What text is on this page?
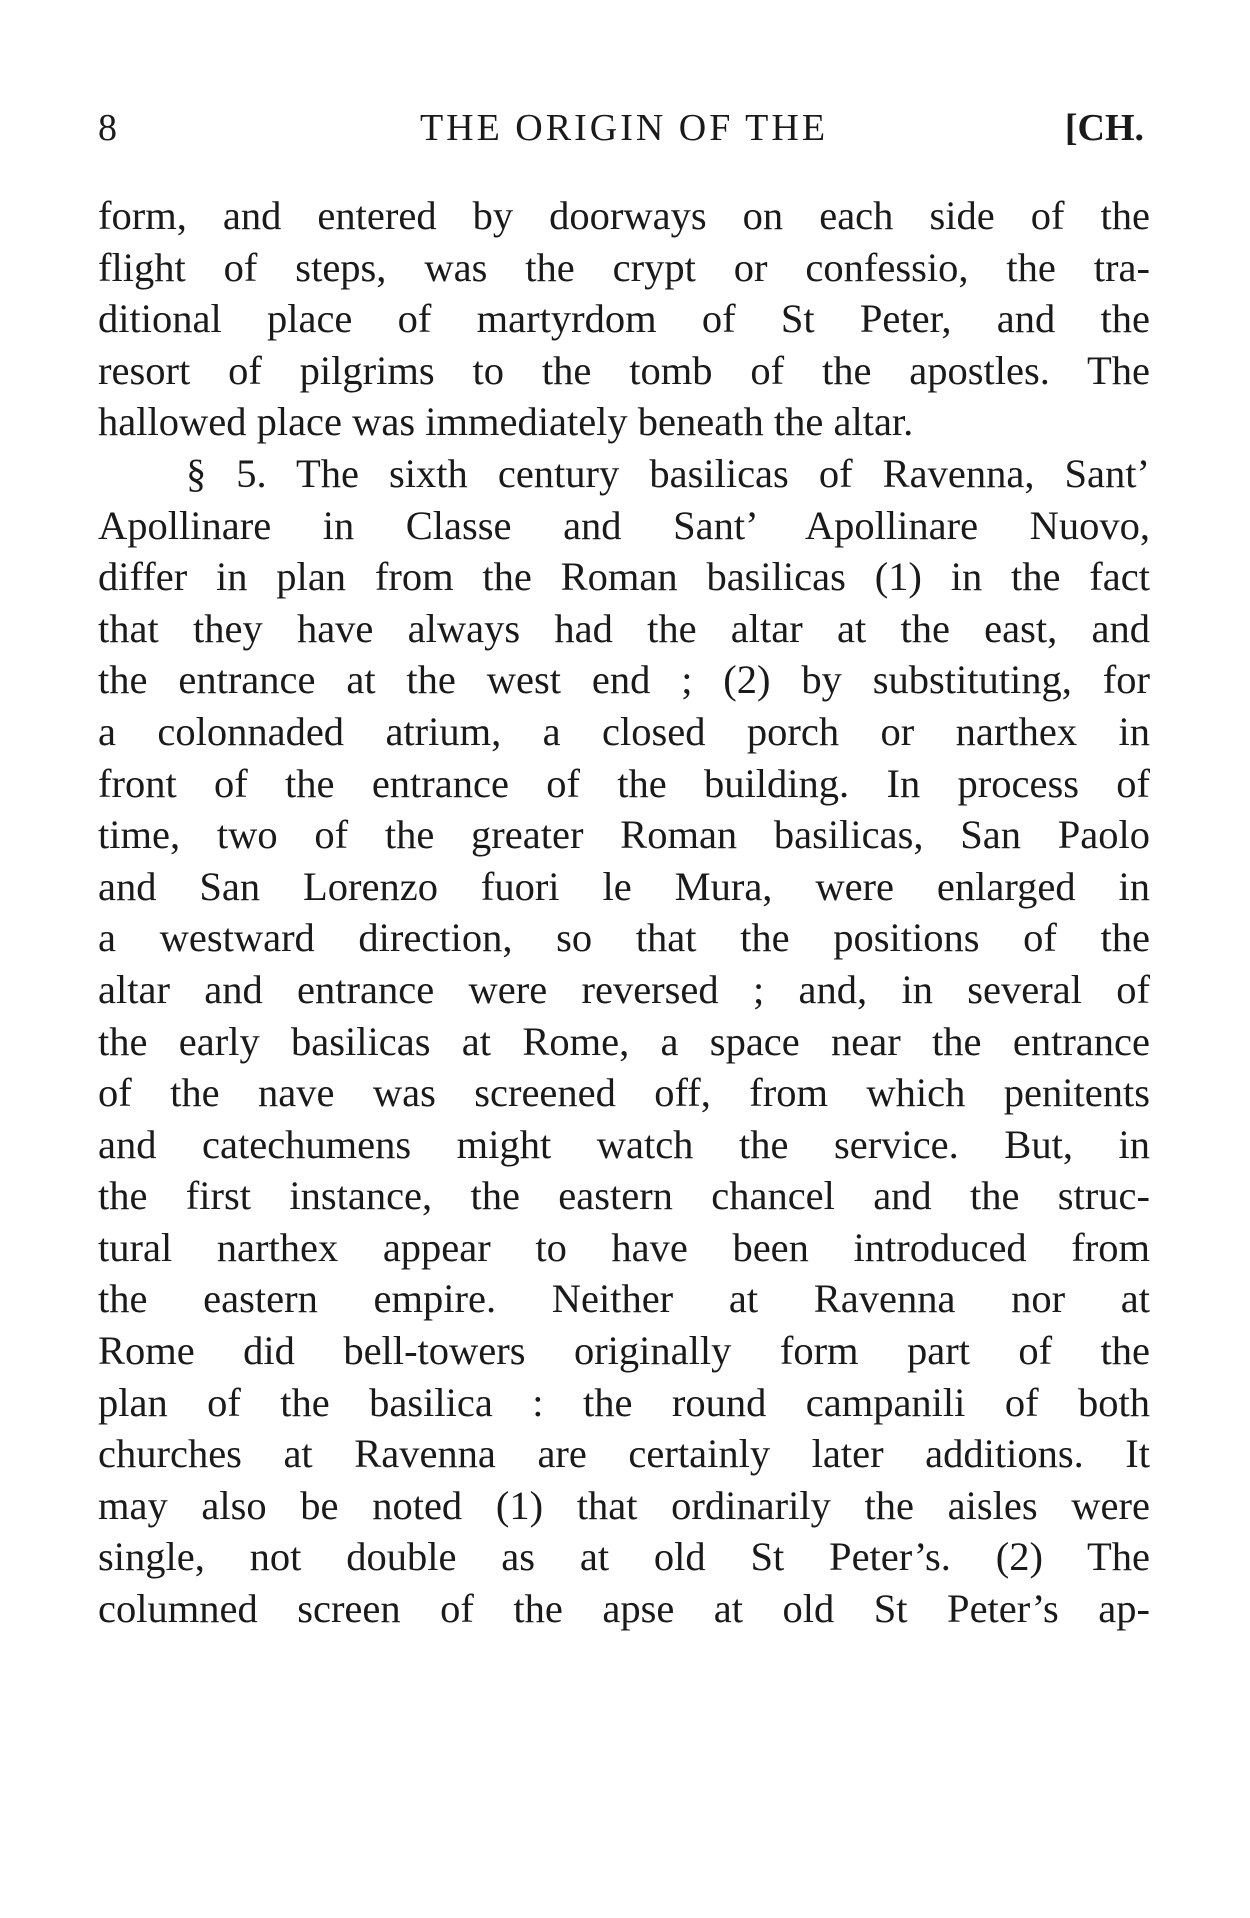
8	THE ORIGIN OF THE	[CH.
form, and entered by doorways on each side of the
flight of steps, was the crypt or confessio, the tra-
ditional place of martyrdom of St Peter, and the
resort of pilgrims to the tomb of the apostles. The
hallowed place was immediately beneath the altar.
§ 5. The sixth century basilicas of Ravenna, Sant’
Apollinare in Classe and Sant’ Apollinare Nuovo,
differ in plan from the Roman basilicas (1) in the fact
that they have always had the altar at the east, and
the entrance at the west end ; (2) by substituting, for
a colonnaded atrium, a closed porch or narthex in
front of the entrance of the building. In process of
time, two of the greater Roman basilicas, San Paolo
and San Lorenzo fuori le Mura, were enlarged in
a westward direction, so that the positions of the
altar and entrance were reversed ; and, in several of
the early basilicas at Rome, a space near the entrance
of the nave was screened off, from which penitents
and catechumens might watch the service. But, in
the first instance, the eastern chancel and the struc-
tural narthex appear to have been introduced from
the eastern empire. Neither at Ravenna nor at
Rome did bell-towers originally form part of the
plan of the basilica : the round campanili of both
churches at Ravenna are certainly later additions. It
may also be noted (1) that ordinarily the aisles were
single, not double as at old St Peter’s. (2) The
columned screen of the apse at old St Peter’s ap-
